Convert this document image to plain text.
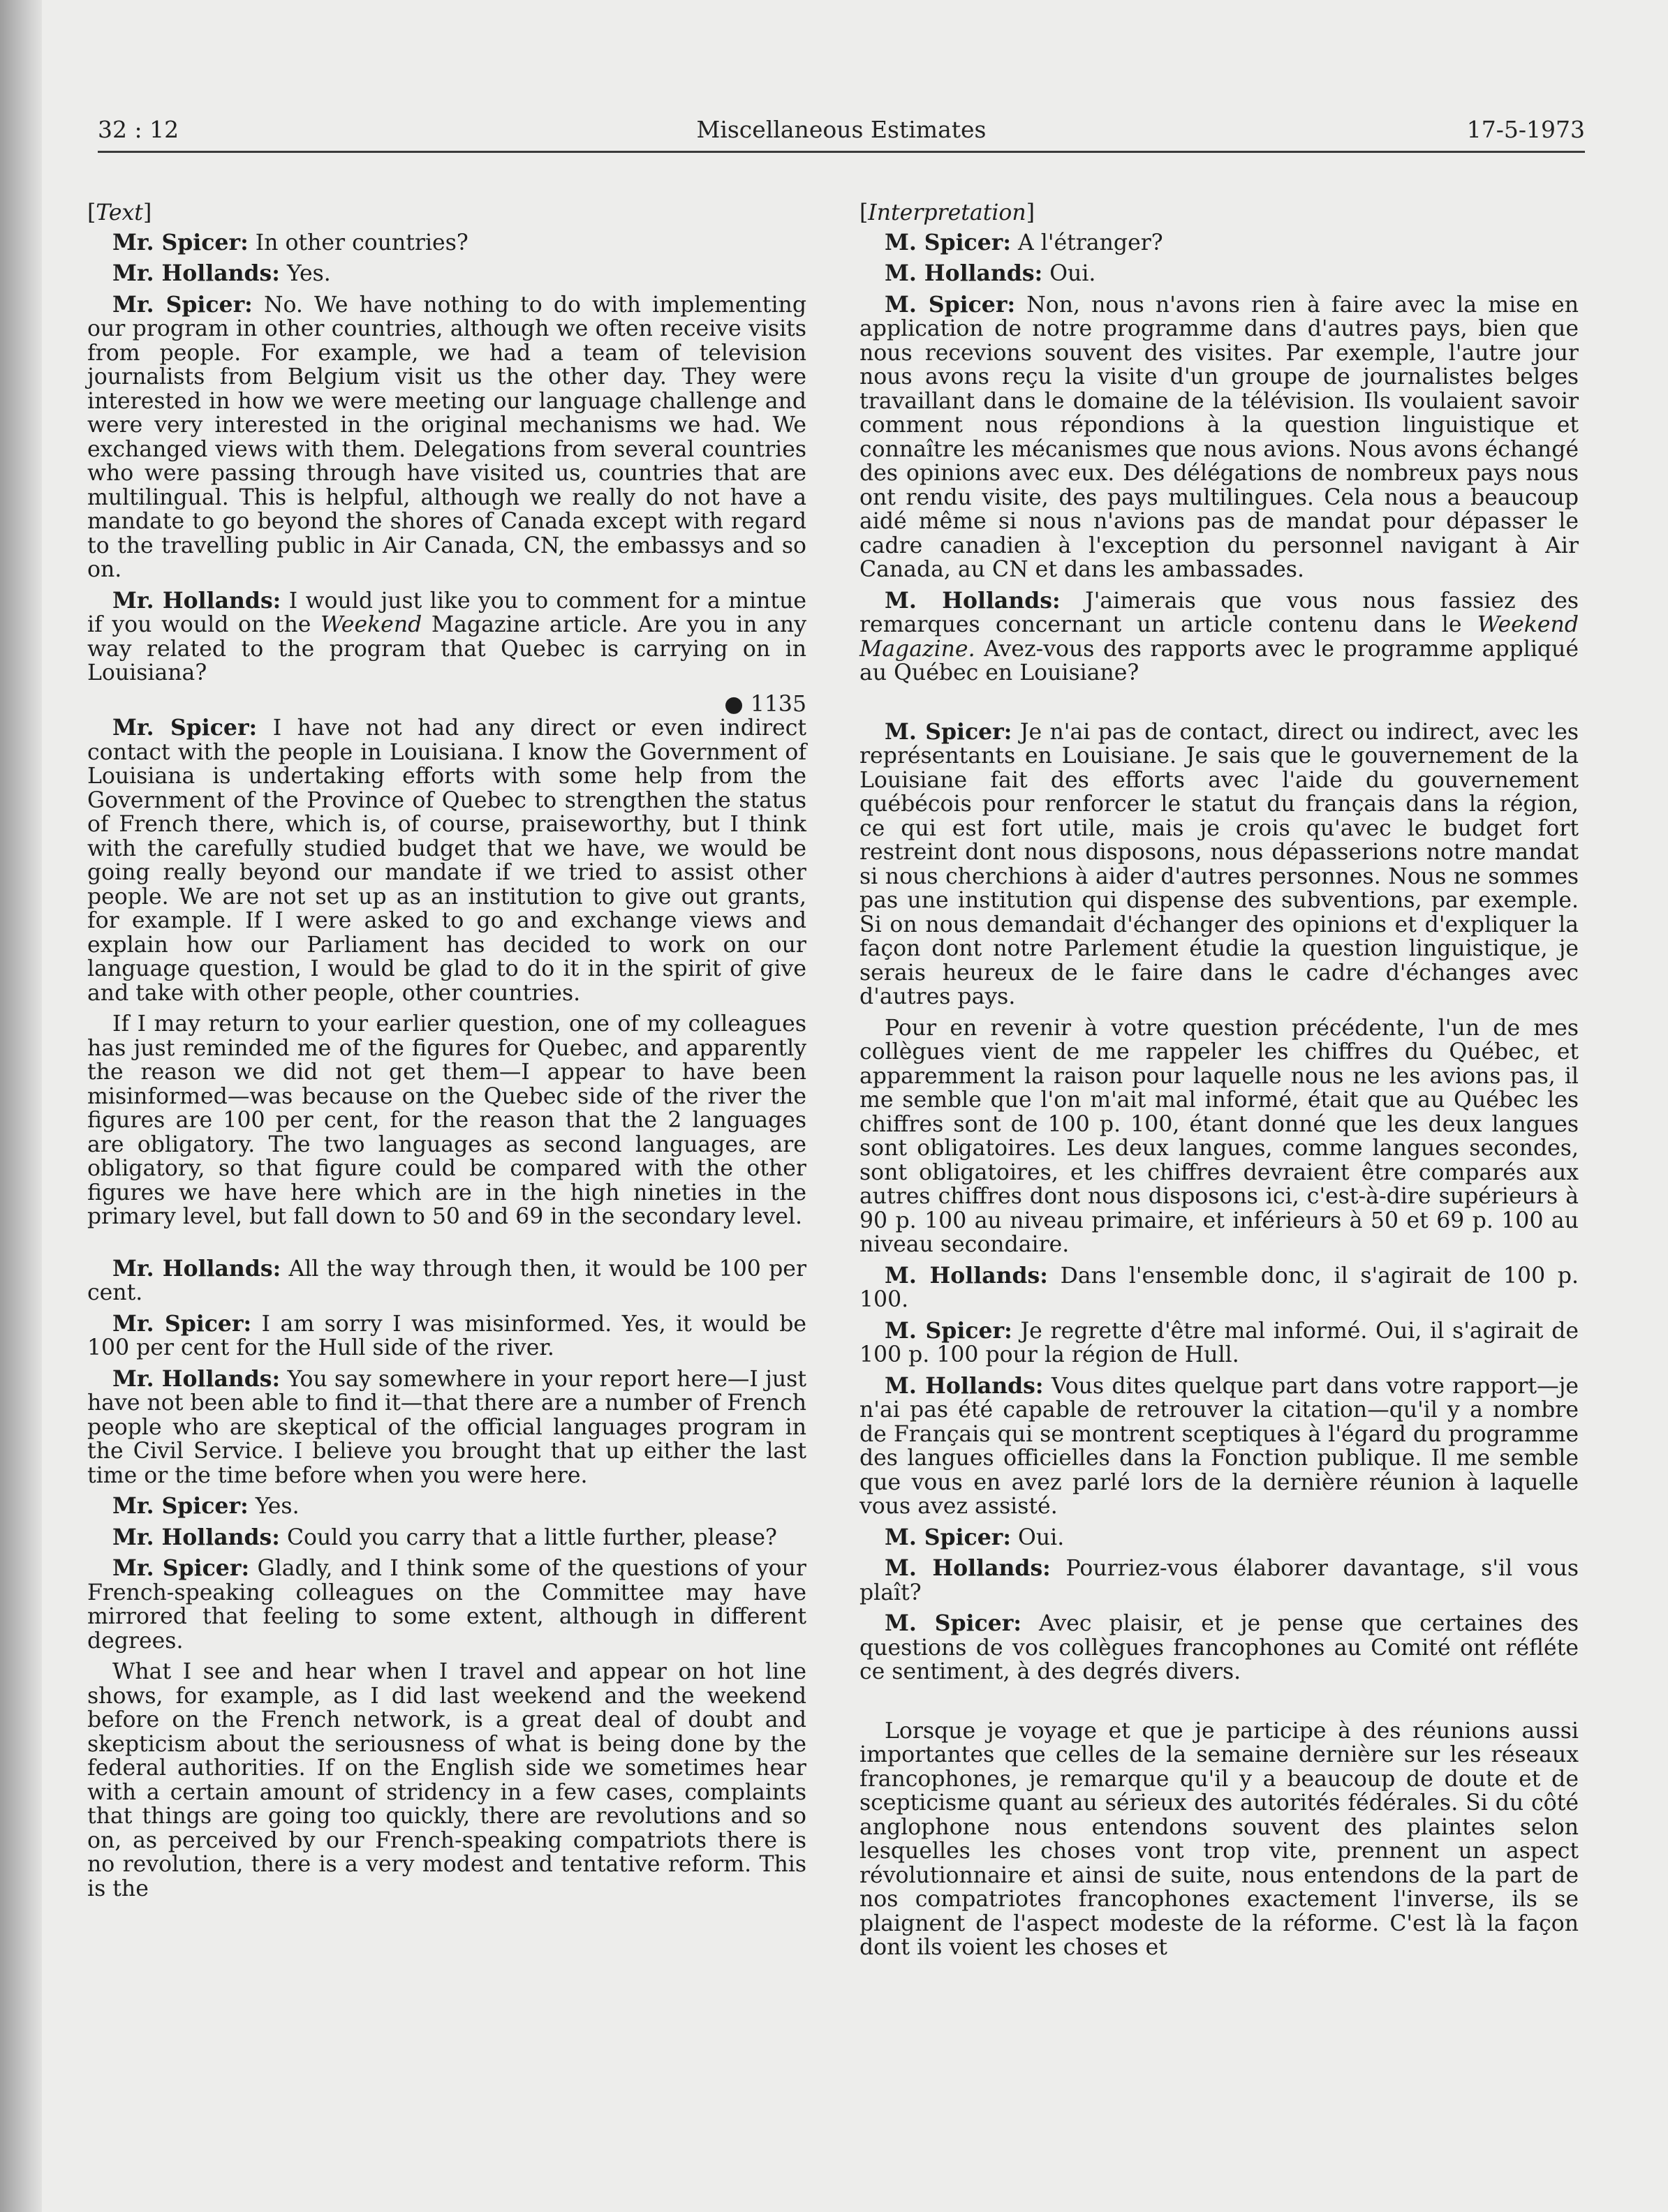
32 : 12	Miscellaneous Estimates	17-5-1973

[Text]

Mr. Spicer: In other countries?

Mr. Hollands: Yes.

Mr. Spicer: No. We have nothing to do with implementing our program in other countries, although we often receive visits from people. For example, we had a team of television journalists from Belgium visit us the other day. They were interested in how we were meeting our language challenge and were very interested in the original mechanisms we had. We exchanged views with them. Delegations from several countries who were passing through have visited us, countries that are multilingual. This is helpful, although we really do not have a mandate to go beyond the shores of Canada except with regard to the travelling public in Air Canada, CN, the embassys and so on.

Mr. Hollands: I would just like you to comment for a mintue if you would on the Weekend Magazine article. Are you in any way related to the program that Quebec is carrying on in Louisiana?

● 1135

Mr. Spicer: I have not had any direct or even indirect contact with the people in Louisiana. I know the Government of Louisiana is undertaking efforts with some help from the Government of the Province of Quebec to strengthen the status of French there, which is, of course, praiseworthy, but I think with the carefully studied budget that we have, we would be going really beyond our mandate if we tried to assist other people. We are not set up as an institution to give out grants, for example. If I were asked to go and exchange views and explain how our Parliament has decided to work on our language question, I would be glad to do it in the spirit of give and take with other people, other countries.

If I may return to your earlier question, one of my colleagues has just reminded me of the figures for Quebec, and apparently the reason we did not get them—I appear to have been misinformed—was because on the Quebec side of the river the figures are 100 per cent, for the reason that the 2 languages are obligatory. The two languages as second languages, are obligatory, so that figure could be compared with the other figures we have here which are in the high nineties in the primary level, but fall down to 50 and 69 in the secondary level.

Mr. Hollands: All the way through then, it would be 100 per cent.

Mr. Spicer: I am sorry I was misinformed. Yes, it would be 100 per cent for the Hull side of the river.

Mr. Hollands: You say somewhere in your report here—I just have not been able to find it—that there are a number of French people who are skeptical of the official languages program in the Civil Service. I believe you brought that up either the last time or the time before when you were here.

Mr. Spicer: Yes.

Mr. Hollands: Could you carry that a little further, please?

Mr. Spicer: Gladly, and I think some of the questions of your French-speaking colleagues on the Committee may have mirrored that feeling to some extent, although in different degrees.

What I see and hear when I travel and appear on hot line shows, for example, as I did last weekend and the weekend before on the French network, is a great deal of doubt and skepticism about the seriousness of what is being done by the federal authorities. If on the English side we sometimes hear with a certain amount of stridency in a few cases, complaints that things are going too quickly, there are revolutions and so on, as perceived by our French-speaking compatriots there is no revolution, there is a very modest and tentative reform. This is the

[Interpretation]

M. Spicer: A l'étranger?

M. Hollands: Oui.

M. Spicer: Non, nous n'avons rien à faire avec la mise en application de notre programme dans d'autres pays, bien que nous recevions souvent des visites. Par exemple, l'autre jour nous avons reçu la visite d'un groupe de journalistes belges travaillant dans le domaine de la télévision. Ils voulaient savoir comment nous répondions à la question linguistique et connaître les mécanismes que nous avions. Nous avons échangé des opinions avec eux. Des délégations de nombreux pays nous ont rendu visite, des pays multilingues. Cela nous a beaucoup aidé même si nous n'avions pas de mandat pour dépasser le cadre canadien à l'exception du personnel navigant à Air Canada, au CN et dans les ambassades.

M. Hollands: J'aimerais que vous nous fassiez des remarques concernant un article contenu dans le Weekend Magazine. Avez-vous des rapports avec le programme appliqué au Québec en Louisiane?

M. Spicer: Je n'ai pas de contact, direct ou indirect, avec les représentants en Louisiane. Je sais que le gouvernement de la Louisiane fait des efforts avec l'aide du gouvernement québécois pour renforcer le statut du français dans la région, ce qui est fort utile, mais je crois qu'avec le budget fort restreint dont nous disposons, nous dépasserions notre mandat si nous cherchions à aider d'autres personnes. Nous ne sommes pas une institution qui dispense des subventions, par exemple. Si on nous demandait d'échanger des opinions et d'expliquer la façon dont notre Parlement étudie la question linguistique, je serais heureux de le faire dans le cadre d'échanges avec d'autres pays.

Pour en revenir à votre question précédente, l'un de mes collègues vient de me rappeler les chiffres du Québec, et apparemment la raison pour laquelle nous ne les avions pas, il me semble que l'on m'ait mal informé, était que au Québec les chiffres sont de 100 p. 100, étant donné que les deux langues sont obligatoires. Les deux langues, comme langues secondes, sont obligatoires, et les chiffres devraient être comparés aux autres chiffres dont nous disposons ici, c'est-à-dire supérieurs à 90 p. 100 au niveau primaire, et inférieurs à 50 et 69 p. 100 au niveau secondaire.

M. Hollands: Dans l'ensemble donc, il s'agirait de 100 p. 100.

M. Spicer: Je regrette d'être mal informé. Oui, il s'agirait de 100 p. 100 pour la région de Hull.

M. Hollands: Vous dites quelque part dans votre rapport—je n'ai pas été capable de retrouver la citation—qu'il y a nombre de Français qui se montrent sceptiques à l'égard du programme des langues officielles dans la Fonction publique. Il me semble que vous en avez parlé lors de la dernière réunion à laquelle vous avez assisté.

M. Spicer: Oui.

M. Hollands: Pourriez-vous élaborer davantage, s'il vous plaît?

M. Spicer: Avec plaisir, et je pense que certaines des questions de vos collègues francophones au Comité ont réfléte ce sentiment, à des degrés divers.

Lorsque je voyage et que je participe à des réunions aussi importantes que celles de la semaine dernière sur les réseaux francophones, je remarque qu'il y a beaucoup de doute et de scepticisme quant au sérieux des autorités fédérales. Si du côté anglophone nous entendons souvent des plaintes selon lesquelles les choses vont trop vite, prennent un aspect révolutionnaire et ainsi de suite, nous entendons de la part de nos compatriotes francophones exactement l'inverse, ils se plaignent de l'aspect modeste de la réforme. C'est là la façon dont ils voient les choses et
